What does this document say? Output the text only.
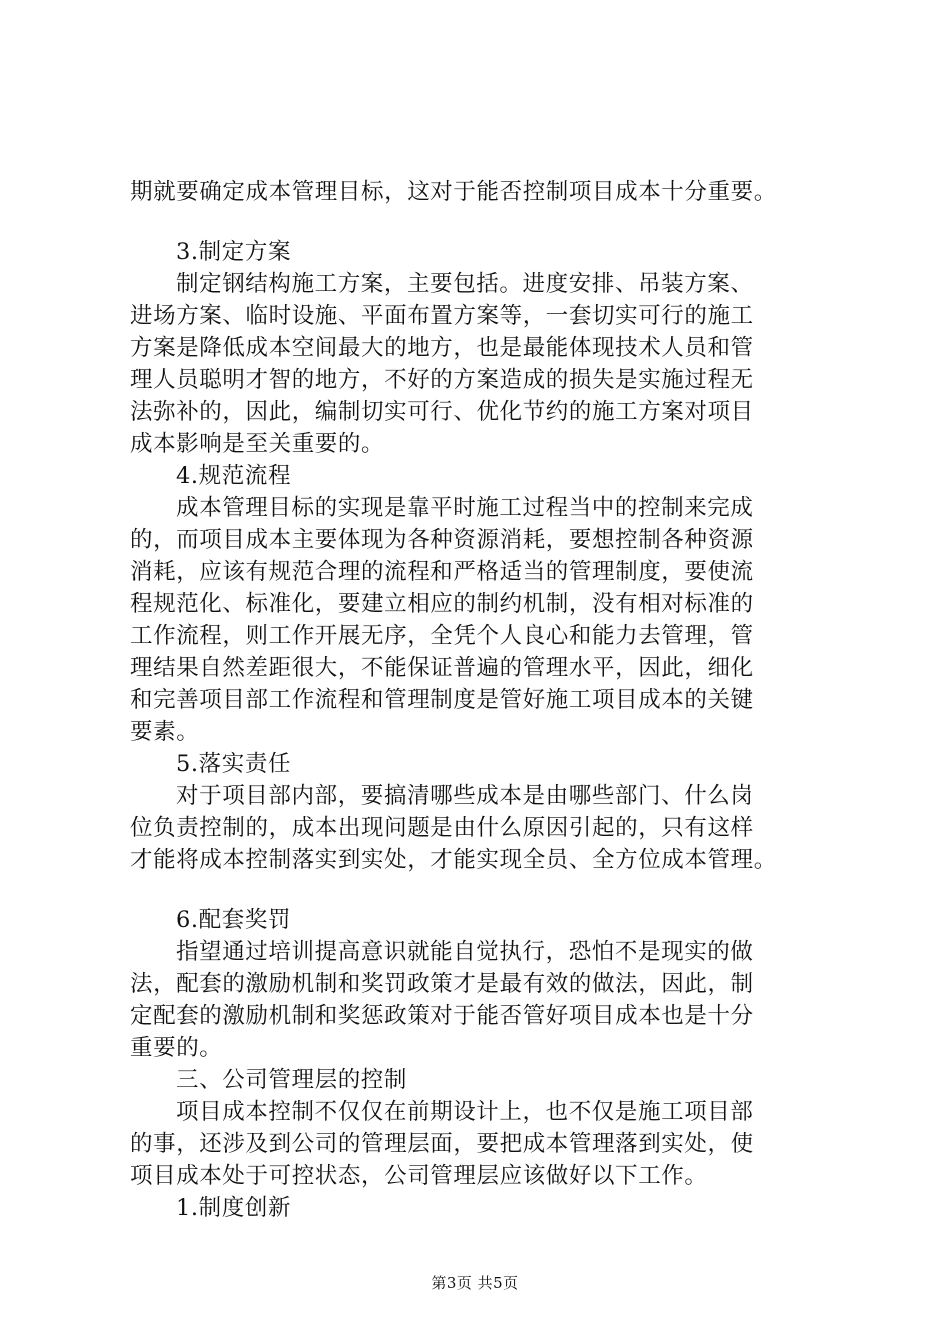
期就要确定成本管理目标，这对于能否控制项目成本十分重要。
3.制定方案
制定钢结构施工方案，主要包括。进度安排、吊装方案、
进场方案、临时设施、平面布置方案等，一套切实可行的施工
方案是降低成本空间最大的地方，也是最能体现技术人员和管
理人员聪明才智的地方，不好的方案造成的损失是实施过程无
法弥补的，因此，编制切实可行、优化节约的施工方案对项目
成本影响是至关重要的。
4.规范流程
成本管理目标的实现是靠平时施工过程当中的控制来完成
的，而项目成本主要体现为各种资源消耗，要想控制各种资源
消耗，应该有规范合理的流程和严格适当的管理制度，要使流
程规范化、标准化，要建立相应的制约机制，没有相对标准的
工作流程，则工作开展无序，全凭个人良心和能力去管理，管
理结果自然差距很大，不能保证普遍的管理水平，因此，细化
和完善项目部工作流程和管理制度是管好施工项目成本的关键
要素。
5.落实责任
对于项目部内部，要搞清哪些成本是由哪些部门、什么岗
位负责控制的，成本出现问题是由什么原因引起的，只有这样
才能将成本控制落实到实处，才能实现全员、全方位成本管理。
6.配套奖罚
指望通过培训提高意识就能自觉执行，恐怕不是现实的做
法，配套的激励机制和奖罚政策才是最有效的做法，因此，制
定配套的激励机制和奖惩政策对于能否管好项目成本也是十分
重要的。
三、公司管理层的控制
项目成本控制不仅仅在前期设计上，也不仅是施工项目部
的事，还涉及到公司的管理层面，要把成本管理落到实处，使
项目成本处于可控状态，公司管理层应该做好以下工作。
1.制度创新
第3页 共5页
